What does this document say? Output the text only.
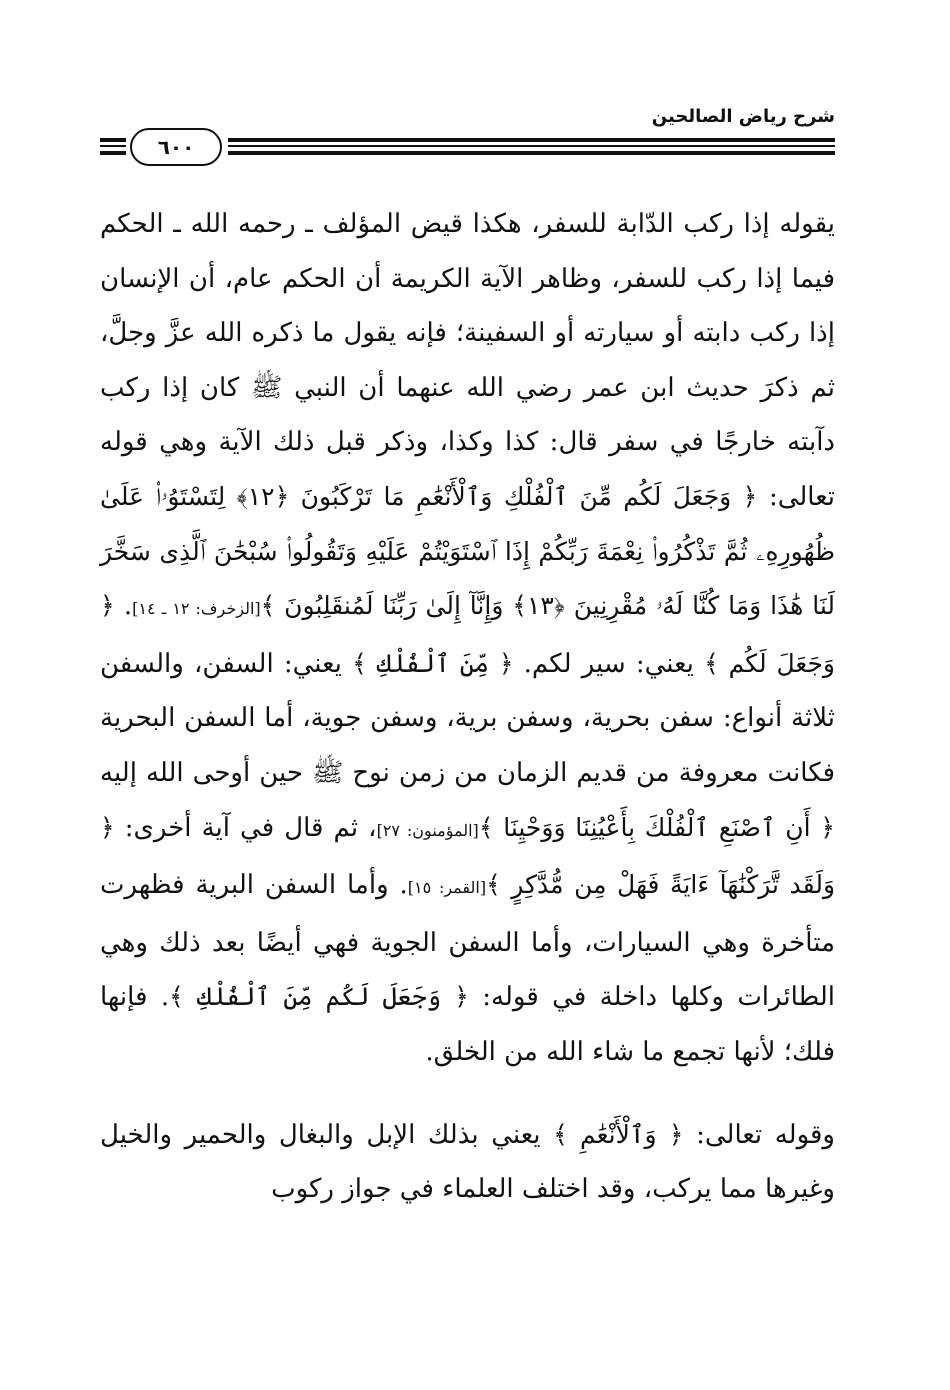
شرح رياض الصالحين
٦٠٠

يقوله إذا ركب الدّابة للسفر، هكذا قيض المؤلف ـ رحمه الله ـ الحكم فيما إذا ركب للسفر، وظاهر الآية الكريمة أن الحكم عام، أن الإنسان إذا ركب دابته أو سيارته أو السفينة؛ فإنه يقول ما ذكره الله عزَّ وجلَّ، ثم ذكرَ حديث ابن عمر رضي الله عنهما أن النبي ﷺ كان إذا ركب دآبته خارجًا في سفر قال: كذا وكذا، وذكر قبل ذلك الآية وهي قوله تعالى: ﴿ وَجَعَلَ لَكُم مِّنَ ٱلْفُلْكِ وَٱلْأَنْعَٰمِ مَا تَرْكَبُونَ ﴿١٢﴾ لِتَسْتَوُۥا۟ عَلَىٰ ظُهُورِهِۦ ثُمَّ تَذْكُرُوا۟ نِعْمَةَ رَبِّكُمْ إِذَا ٱسْتَوَيْتُمْ عَلَيْهِ وَتَقُولُوا۟ سُبْحَٰنَ ٱلَّذِى سَخَّرَ لَنَا هَٰذَا وَمَا كُنَّا لَهُۥ مُقْرِنِينَ ﴿١٣﴾ وَإِنَّآ إِلَىٰ رَبِّنَا لَمُنقَلِبُونَ ﴾[الزخرف: ١٢ ـ ١٤]. ﴿ وَجَعَلَ لَكُم ﴾ يعني: سير لكم. ﴿ مِّنَ ٱلْفُلْكِ ﴾ يعني: السفن، والسفن ثلاثة أنواع: سفن بحرية، وسفن برية، وسفن جوية، أما السفن البحرية فكانت معروفة من قديم الزمان من زمن نوح ﷺ حين أوحى الله إليه ﴿ أَنِ ٱصْنَعِ ٱلْفُلْكَ بِأَعْيُنِنَا وَوَحْيِنَا ﴾[المؤمنون: ٢٧]، ثم قال في آية أخرى: ﴿ وَلَقَد تَّرَكْنَٰهَآ ءَايَةً فَهَلْ مِن مُّدَّكِرٍ ﴾[القمر: ١٥]. وأما السفن البرية فظهرت متأخرة وهي السيارات، وأما السفن الجوية فهي أيضًا بعد ذلك وهي الطائرات وكلها داخلة في قوله: ﴿ وَجَعَلَ لَكُم مِّنَ ٱلْفُلْكِ ﴾. فإنها فلك؛ لأنها تجمع ما شاء الله من الخلق.

وقوله تعالى: ﴿ وَٱلْأَنْعَٰمِ ﴾ يعني بذلك الإبل والبغال والحمير والخيل وغيرها مما يركب، وقد اختلف العلماء في جواز ركوب
